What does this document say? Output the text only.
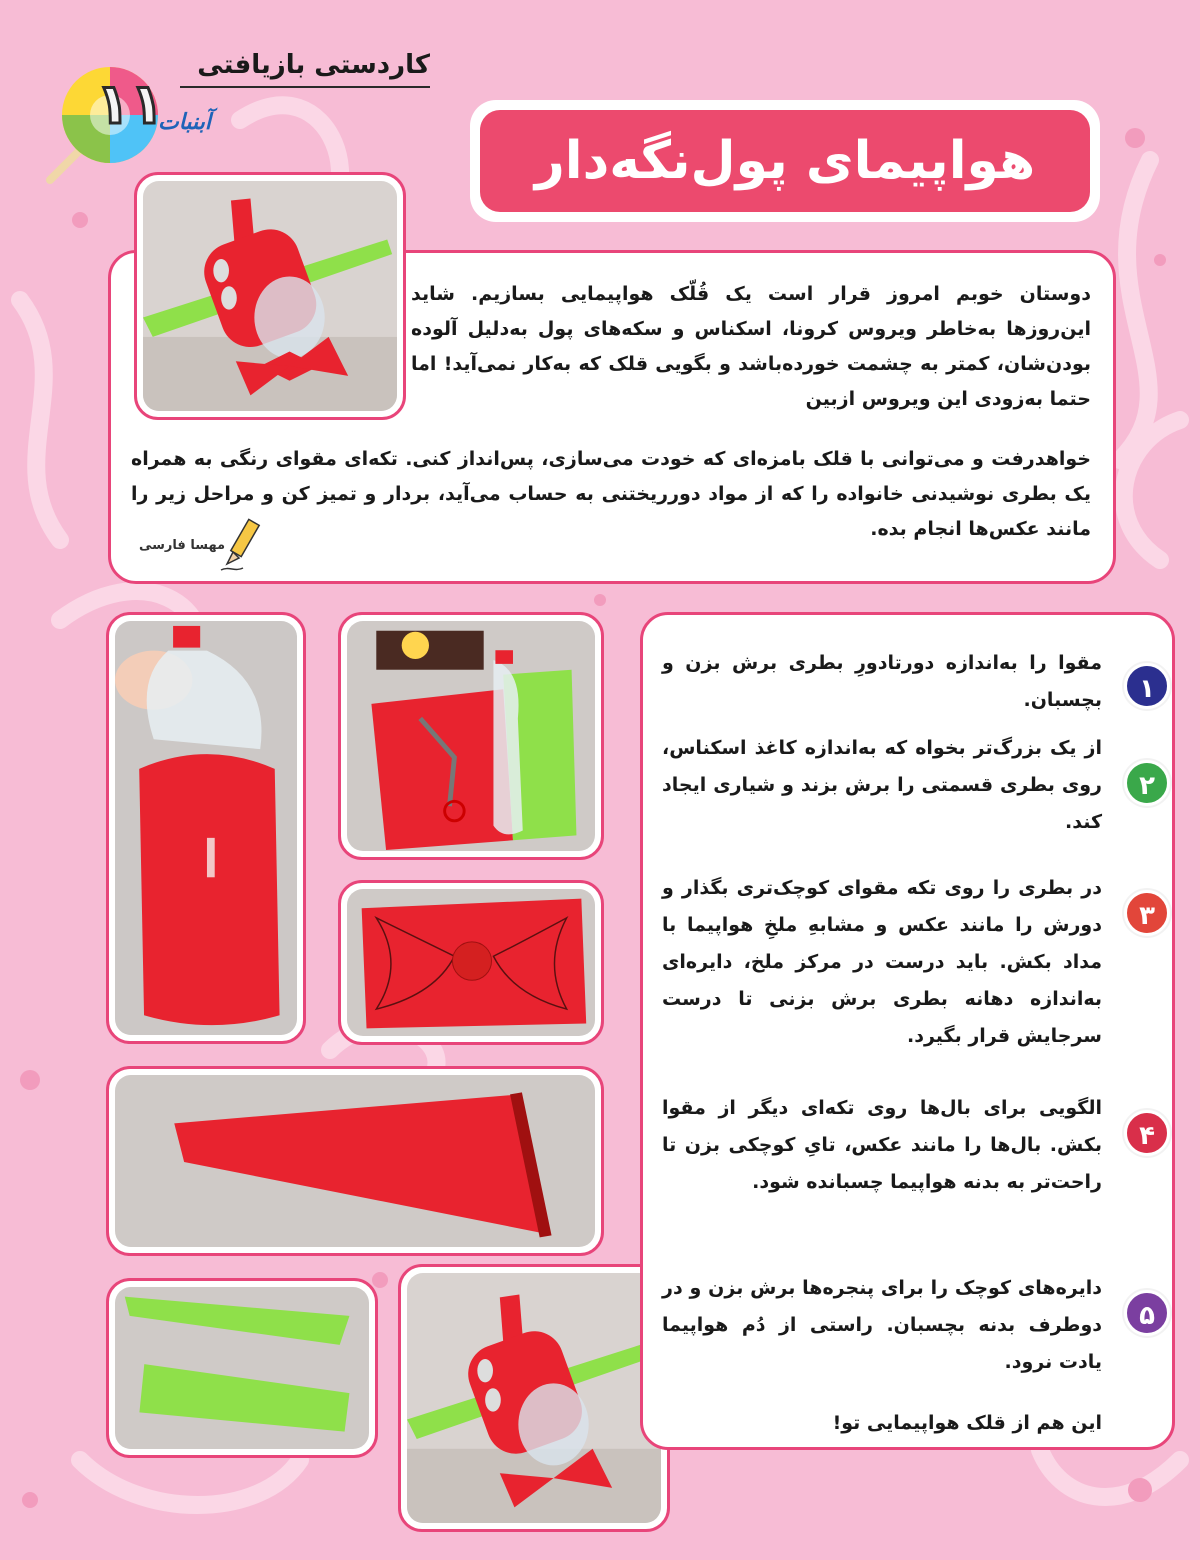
۱۱
کاردستی بازیافتی
آبنبات
هواپیمای پول‌نگه‌دار
دوستان خوبم امروز قرار است یک قُلّک هواپیمایی بسازیم. شاید این‌روزها به‌خاطر ویروس کرونا، اسکناس و سکه‌های پول به‌دلیل آلوده بودن‌شان، کمتر به چشمت خورده‌باشد و بگویی قلک که به‌کار نمی‌آید! اما حتما به‌زودی این ویروس ازبین
خواهدرفت و می‌توانی با قلک بامزه‌ای که خودت می‌سازی، پس‌انداز کنی. تکه‌ای مقوای رنگی به همراه یک بطری نوشیدنی خانواده را که از مواد دورریختنی به حساب می‌آید، بردار و تمیز کن و مراحل زیر را مانند عکس‌ها انجام بده.
مهسا فارسی
۱
مقوا را به‌اندازه دورتادورِ بطری برش بزن و بچسبان.
۲
از یک بزرگ‌تر بخواه که به‌اندازه کاغذ اسکناس، روی بطری قسمتی را برش بزند و شیاری ایجاد کند.
۳
در بطری را روی تکه مقوای کوچک‌تری بگذار و دورش را مانند عکس و مشابهِ ملخِ هواپیما با مداد بکش. باید درست در مرکز ملخ، دایره‌ای به‌اندازه دهانه بطری برش بزنی تا درست سرجایش قرار بگیرد.
۴
الگویی برای بال‌ها روی تکه‌ای دیگر از مقوا بکش. بال‌ها را مانند عکس، تایِ کوچکی بزن تا راحت‌تر به بدنه هواپیما چسبانده شود.
۵
دایره‌های کوچک را برای پنجره‌ها برش بزن و در دوطرف بدنه بچسبان. راستی از دُم هواپیما یادت نرود.
این هم از قلک هواپیمایی تو!
